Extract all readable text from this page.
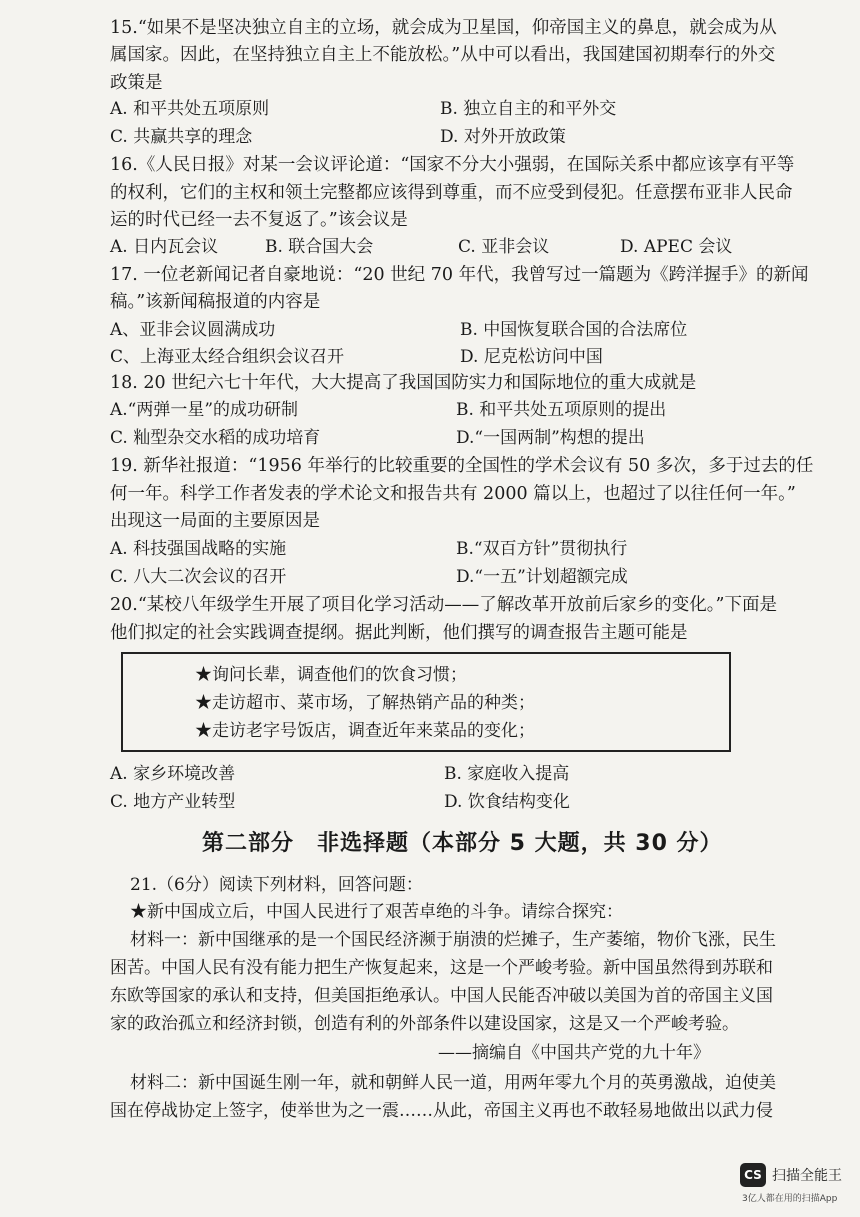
15.“如果不是坚决独立自主的立场，就会成为卫星国，仰帝国主义的鼻息，就会成为从
属国家。因此，在坚持独立自主上不能放松。”从中可以看出，我国建国初期奉行的外交
政策是
A. 和平共处五项原则	B. 独立自主的和平外交
C. 共赢共享的理念	D. 对外开放政策
16.《人民日报》对某一会议评论道：“国家不分大小强弱，在国际关系中都应该享有平等
的权利，它们的主权和领土完整都应该得到尊重，而不应受到侵犯。任意摆布亚非人民命
运的时代已经一去不复返了。”该会议是
A. 日内瓦会议	B. 联合国大会	C. 亚非会议	D. APEC 会议
17. 一位老新闻记者自豪地说：“20 世纪 70 年代，我曾写过一篇题为《跨洋握手》的新闻
稿。”该新闻稿报道的内容是
A、亚非会议圆满成功	B. 中国恢复联合国的合法席位
C、上海亚太经合组织会议召开	D. 尼克松访问中国
18. 20 世纪六七十年代，大大提高了我国国防实力和国际地位的重大成就是
A.“两弹一星”的成功研制	B. 和平共处五项原则的提出
C. 籼型杂交水稻的成功培育	D.“一国两制”构想的提出
19. 新华社报道：“1956 年举行的比较重要的全国性的学术会议有 50 多次，多于过去的任
何一年。科学工作者发表的学术论文和报告共有 2000 篇以上，也超过了以往任何一年。”
出现这一局面的主要原因是
A. 科技强国战略的实施	B.“双百方针”贯彻执行
C. 八大二次会议的召开	D.“一五”计划超额完成
20.“某校八年级学生开展了项目化学习活动——了解改革开放前后家乡的变化。”下面是
他们拟定的社会实践调查提纲。据此判断，他们撰写的调查报告主题可能是
★询问长辈，调查他们的饮食习惯；
★走访超市、菜市场，了解热销产品的种类；
★走访老字号饭店，调查近年来菜品的变化；
A. 家乡环境改善	B. 家庭收入提高
C. 地方产业转型	D. 饮食结构变化
第二部分　非选择题（本部分 5 大题，共 30 分）
21.（6分）阅读下列材料，回答问题：
★新中国成立后，中国人民进行了艰苦卓绝的斗争。请综合探究：
材料一：新中国继承的是一个国民经济濒于崩溃的烂摊子，生产萎缩，物价飞涨，民生
困苦。中国人民有没有能力把生产恢复起来，这是一个严峻考验。新中国虽然得到苏联和
东欧等国家的承认和支持，但美国拒绝承认。中国人民能否冲破以美国为首的帝国主义国
家的政治孤立和经济封锁，创造有利的外部条件以建设国家，这是又一个严峻考验。
——摘编自《中国共产党的九十年》
材料二：新中国诞生刚一年，就和朝鲜人民一道，用两年零九个月的英勇激战，迫使美
国在停战协定上签字，使举世为之一震……从此，帝国主义再也不敢轻易地做出以武力侵
CS 扫描全能王
3亿人都在用的扫描App
